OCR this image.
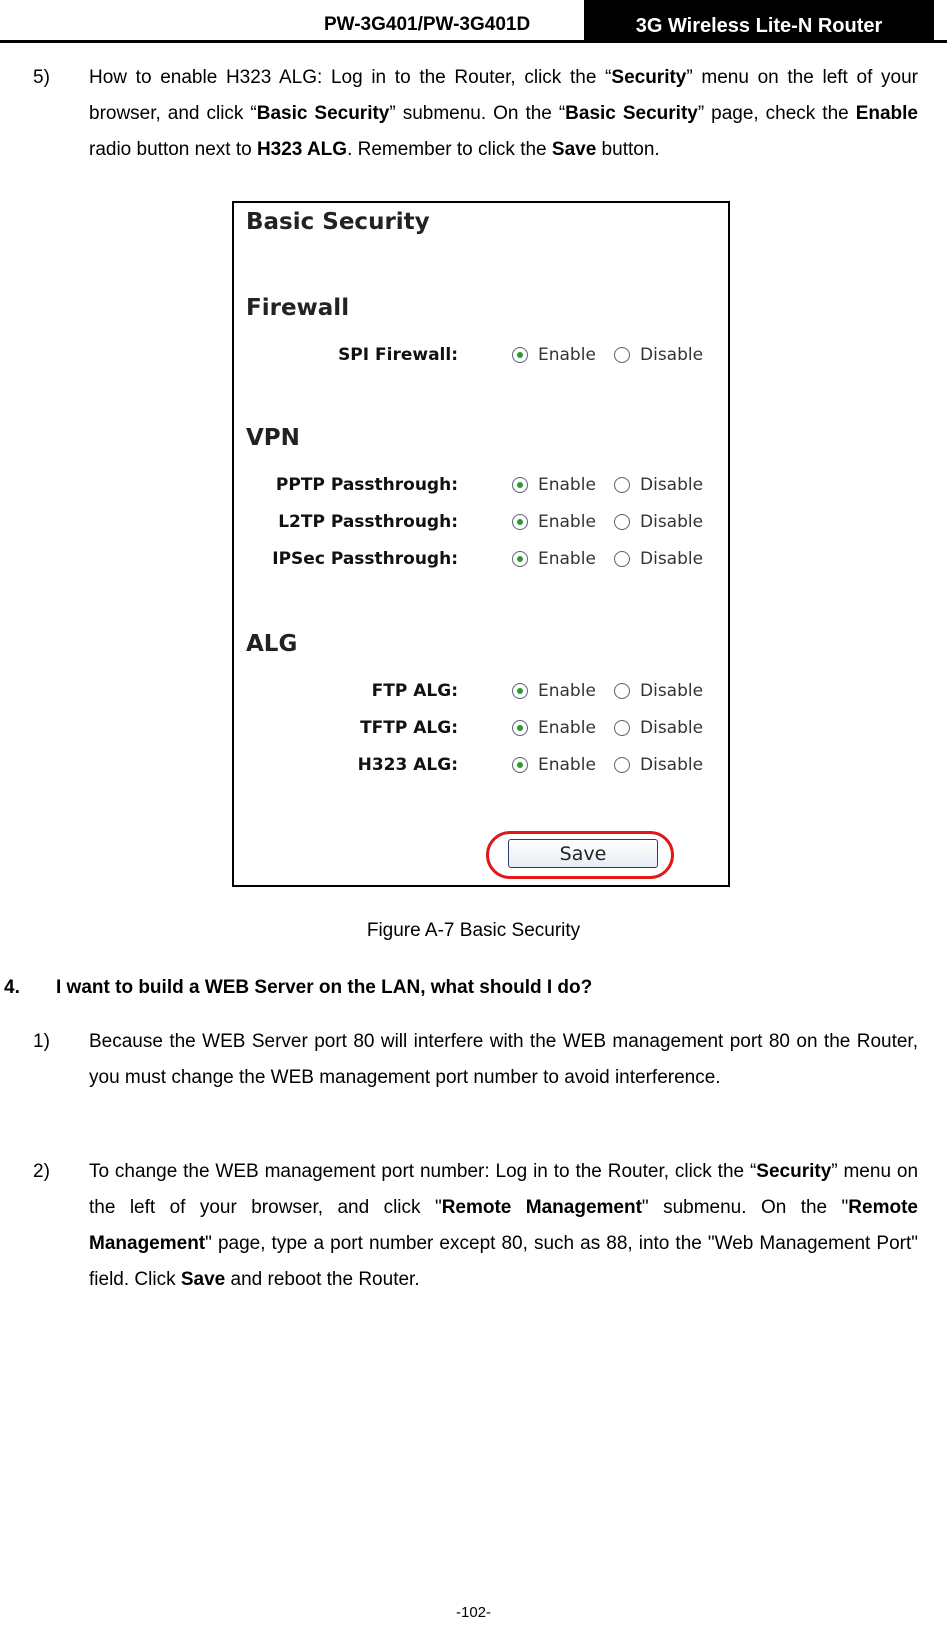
PW-3G401/PW-3G401D	3G Wireless Lite-N Router
5) How to enable H323 ALG: Log in to the Router, click the “Security” menu on the left of your browser, and click “Basic Security” submenu. On the “Basic Security” page, check the Enable radio button next to H323 ALG. Remember to click the Save button.
Basic Security
Firewall
SPI Firewall:	Enable	Disable
VPN
PPTP Passthrough:	Enable	Disable
L2TP Passthrough:	Enable	Disable
IPSec Passthrough:	Enable	Disable
ALG
FTP ALG:	Enable	Disable
TFTP ALG:	Enable	Disable
H323 ALG:	Enable	Disable
Save
Figure A-7 Basic Security
4. I want to build a WEB Server on the LAN, what should I do?
1) Because the WEB Server port 80 will interfere with the WEB management port 80 on the Router, you must change the WEB management port number to avoid interference.
2) To change the WEB management port number: Log in to the Router, click the “Security” menu on the left of your browser, and click "Remote Management" submenu. On the "Remote Management" page, type a port number except 80, such as 88, into the "Web Management Port" field. Click Save and reboot the Router.
-102-
